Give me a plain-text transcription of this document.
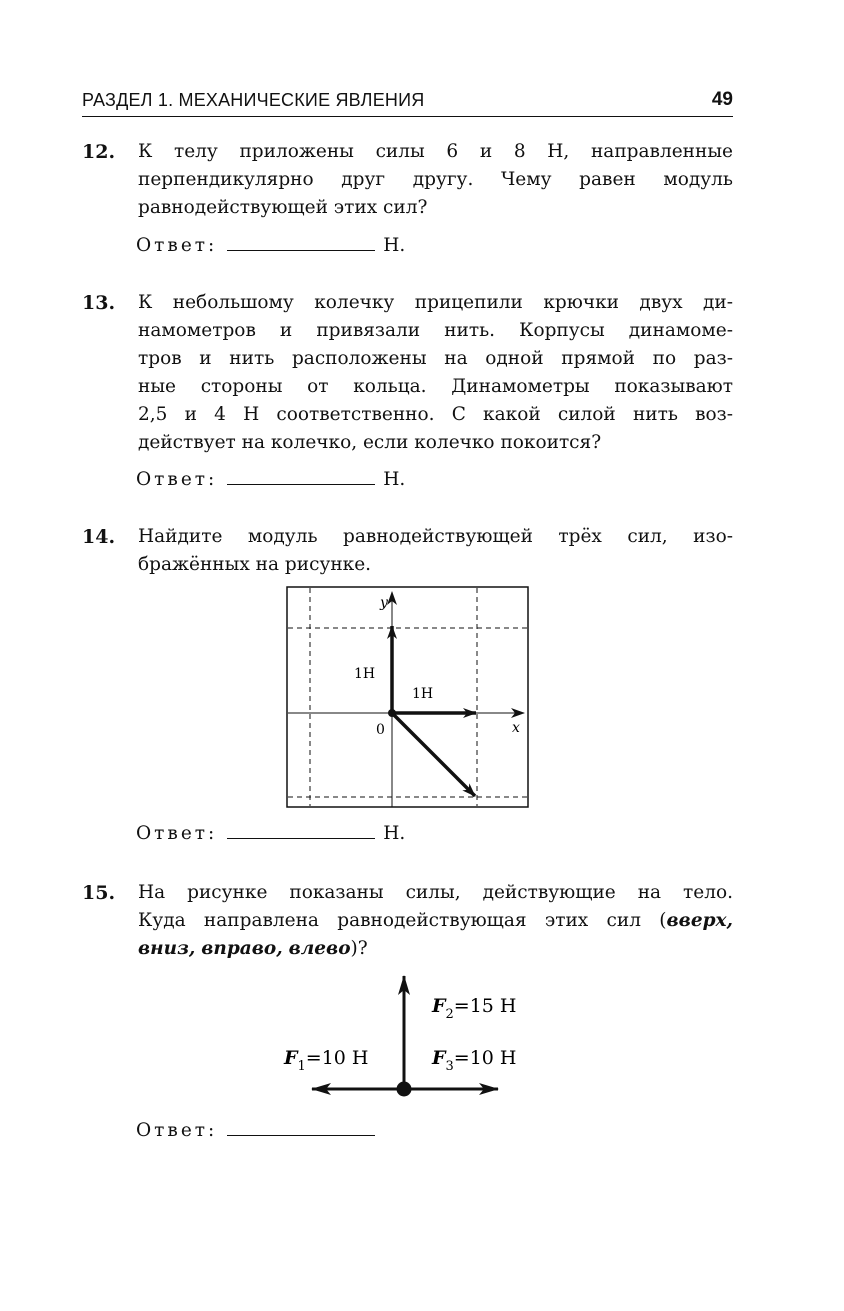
РАЗДЕЛ 1. МЕХАНИЧЕСКИЕ ЯВЛЕНИЯ	49
12. К телу приложены силы 6 и 8 Н, направленные
перпендикулярно друг другу. Чему равен модуль
равнодействующей этих сил?
Ответ:	Н.
13. К небольшому колечку прицепили крючки двух ди-
намометров и привязали нить. Корпусы динамоме-
тров и нить расположены на одной прямой по раз-
ные стороны от кольца. Динамометры показывают
2,5 и 4 Н соответственно. С какой силой нить воз-
действует на колечко, если колечко покоится?
Ответ:	Н.
14. Найдите модуль равнодействующей трёх сил, изо-
бражённых на рисунке.
y
x
0
1Н
1Н
Ответ:	Н.
15. На рисунке показаны силы, действующие на тело.
Куда направлена равнодействующая этих сил (вверх,
вниз, вправо, влево)?
$F_2=15$ Н
$F_1=10$ Н	$F_3=10$ Н
Ответ:
